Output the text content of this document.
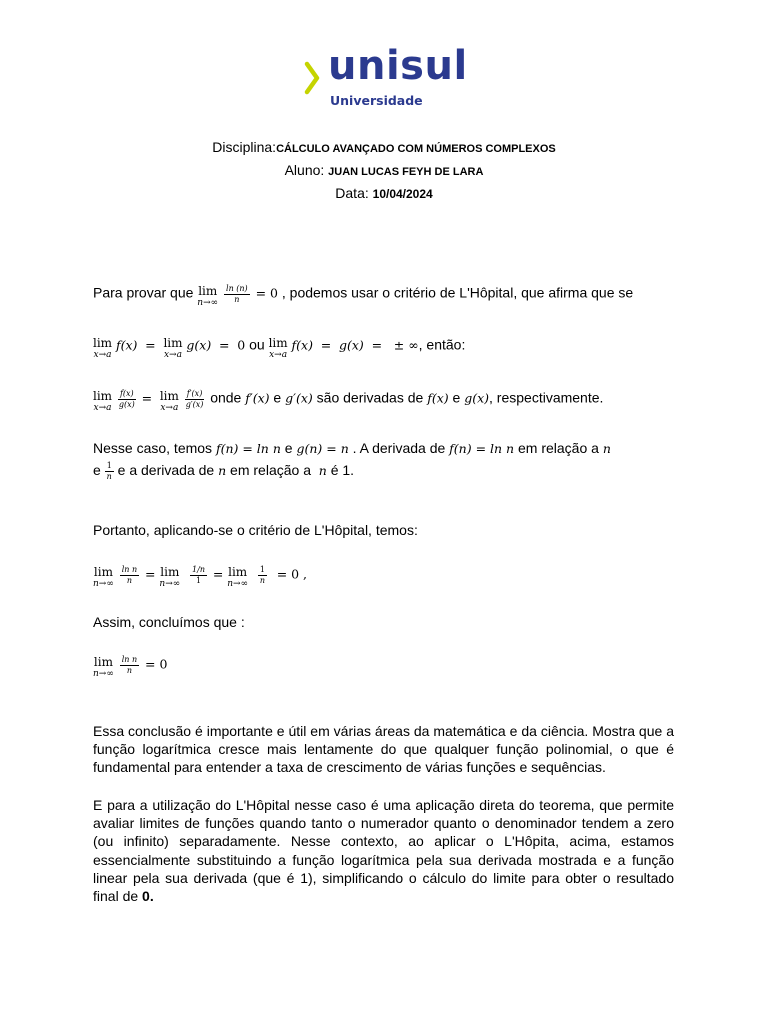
unisul
Universidade
Disciplina:CÁLCULO AVANÇADO COM NÚMEROS COMPLEXOS
Aluno: JUAN LUCAS FEYH DE LARA
Data: 10/04/2024
Para provar que lim
n→∞
$\frac{\ln (n)}{n} = 0$ , podemos usar o critério de L'Hôpital, que afirma que se
lim
x→a
f(x) = lim
x→a
g(x) = 0 ou lim
x→a
f(x) = g(x) = ± ∞, então:
lim
x→a
$\frac{f(x)}{g(x)} = \lim$
x→a
$\frac{f'(x)}{g'(x)}$ onde f′(x) e g′(x) são derivadas de f(x) e g(x), respectivamente.
Nesse caso, temos f(n) = ln n e g(n) = n . A derivada de f(n) = ln n em relação a n
e $\frac{1}{n}$ e a derivada de n em relação a n é 1.
Portanto, aplicando-se o critério de L'Hôpital, temos:
lim
n→∞
$\frac{\text{ln n}}{n} = \lim$
n→∞
$\frac{1/n}{1} = \lim$
n→∞
$\frac{1}{n} = 0$ ,
Assim, concluímos que :
lim
n→∞
$\frac{\text{ln n}}{n} = 0$
Essa conclusão é importante e útil em várias áreas da matemática e da ciência. Mostra que a função logarítmica cresce mais lentamente do que qualquer função polinomial, o que é fundamental para entender a taxa de crescimento de várias funções e sequências.
E para a utilização do L'Hôpital nesse caso é uma aplicação direta do teorema, que permite avaliar limites de funções quando tanto o numerador quanto o denominador tendem a zero (ou infinito) separadamente. Nesse contexto, ao aplicar o L'Hôpita, acima, estamos essencialmente substituindo a função logarítmica pela sua derivada mostrada e a função linear pela sua derivada (que é 1), simplificando o cálculo do limite para obter o resultado final de 0.
